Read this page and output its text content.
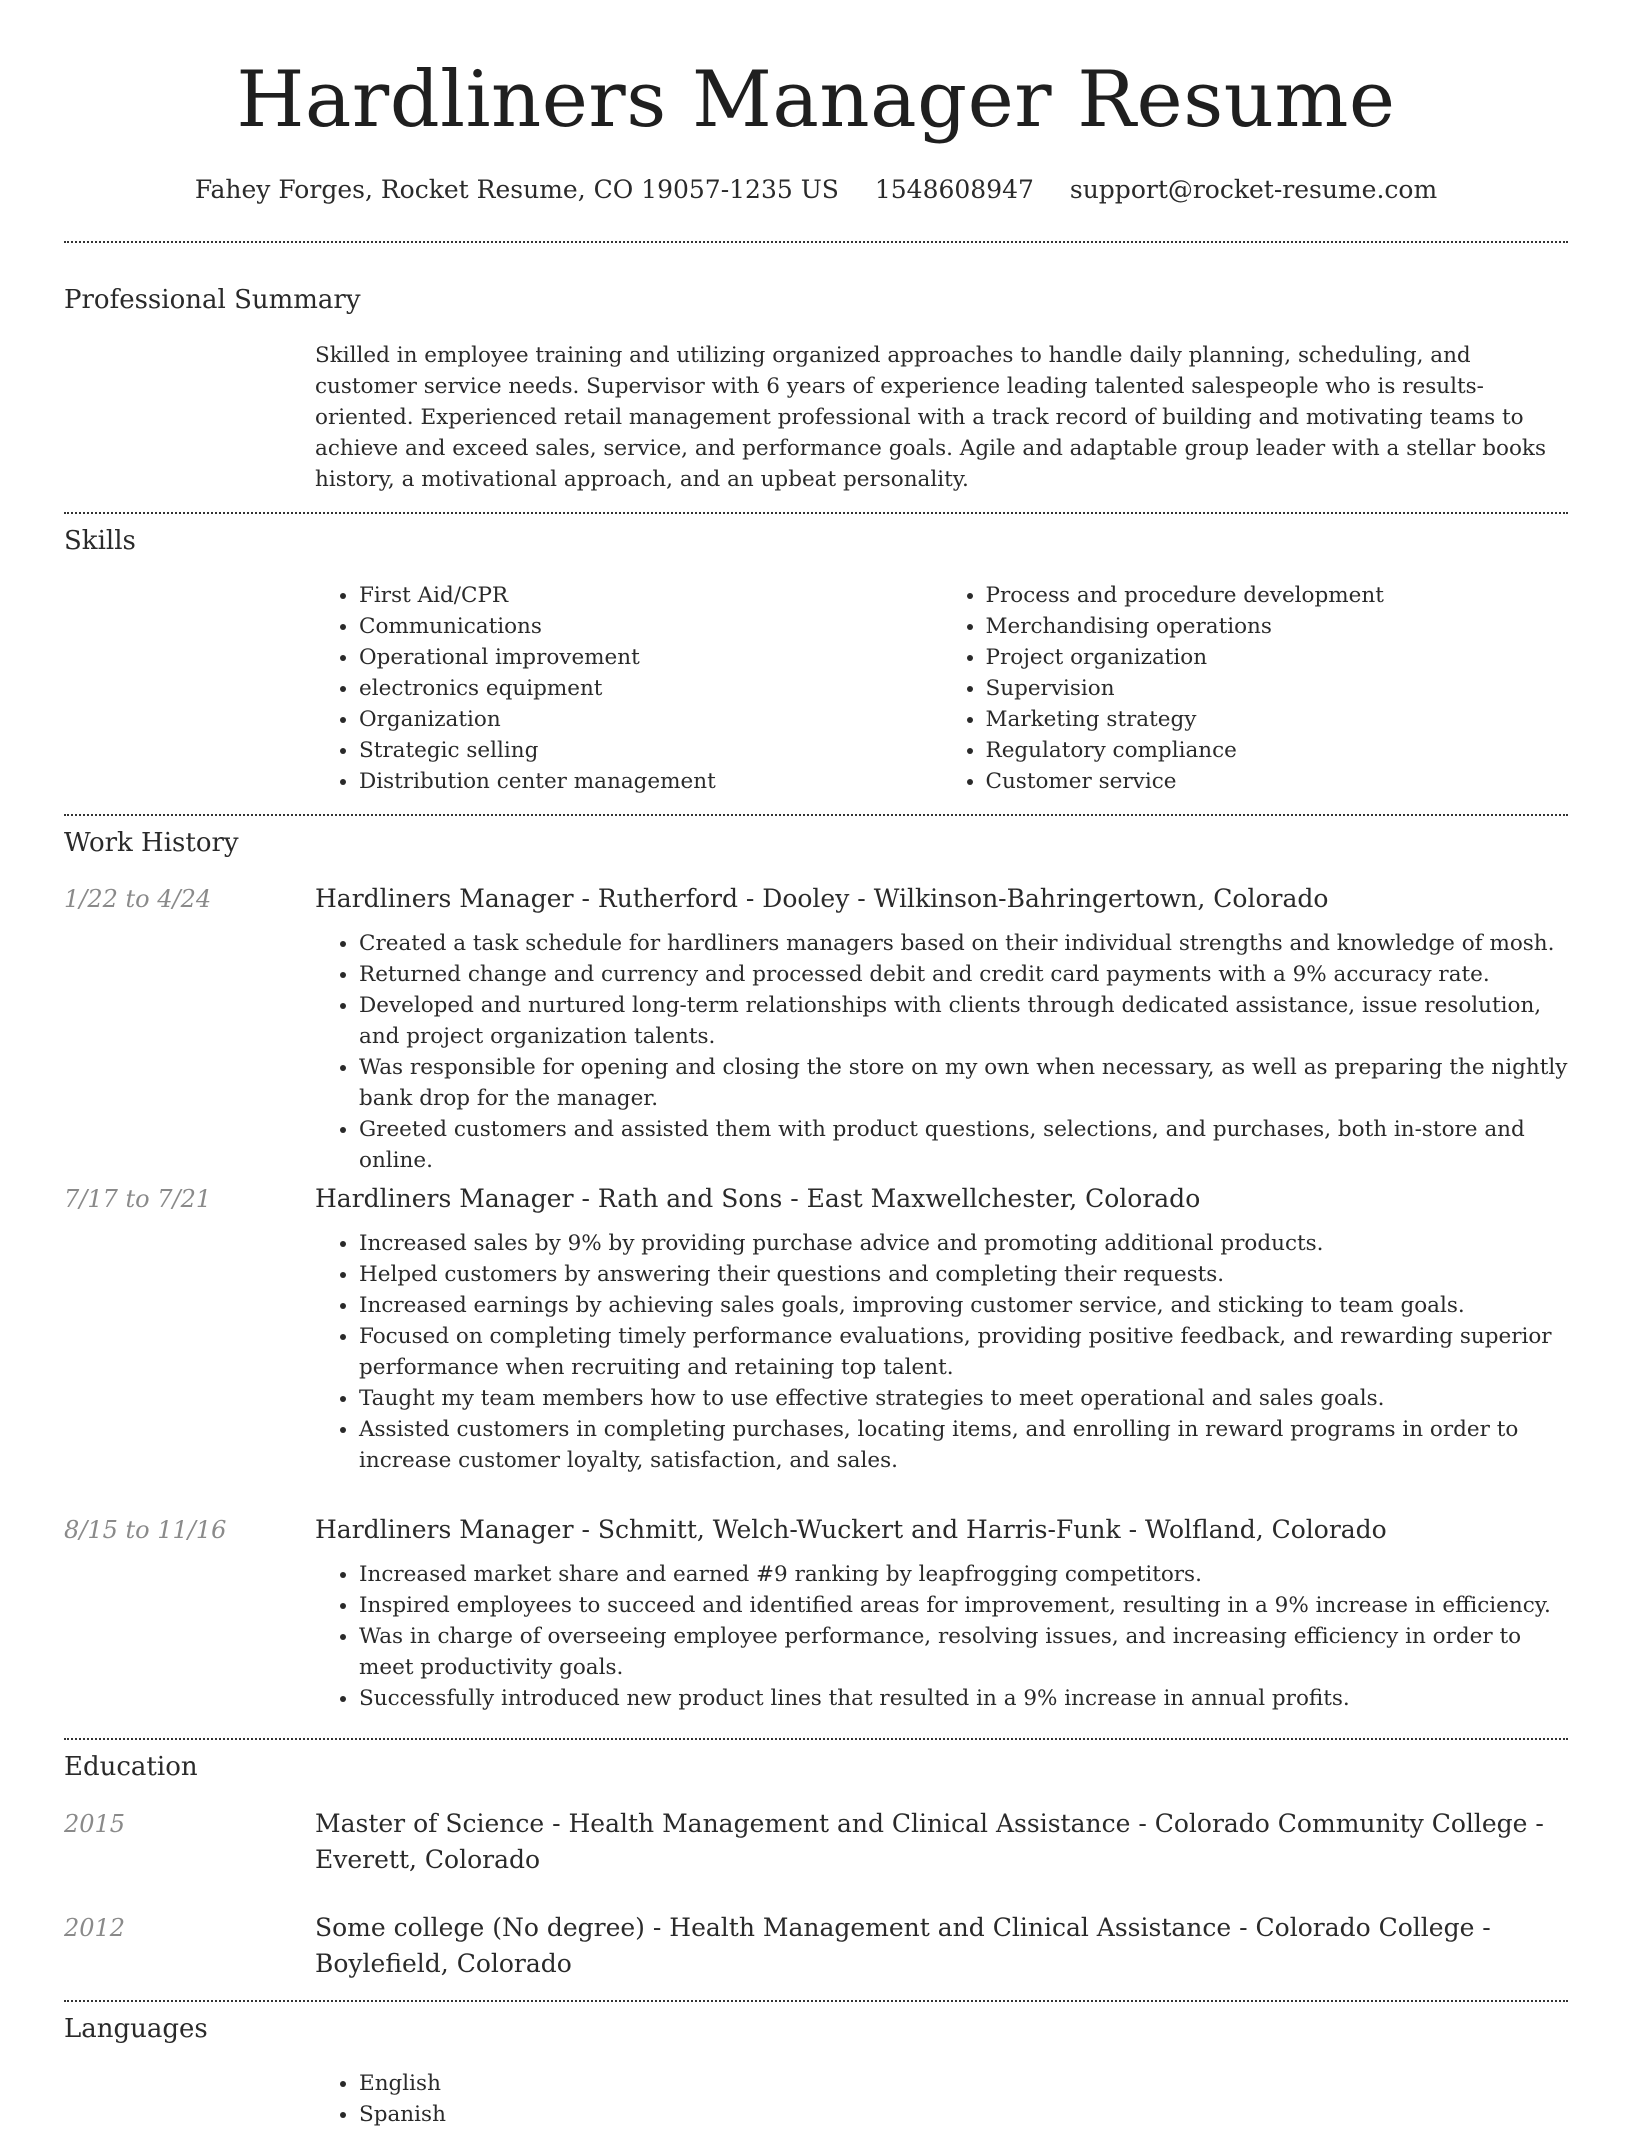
Hardliners Manager Resume
Fahey Forges, Rocket Resume, CO 19057-1235 US 1548608947 support@rocket-resume.com
Professional Summary
Skilled in employee training and utilizing organized approaches to handle daily planning, scheduling, and customer service needs. Supervisor with 6 years of experience leading talented salespeople who is results-oriented. Experienced retail management professional with a track record of building and motivating teams to achieve and exceed sales, service, and performance goals. Agile and adaptable group leader with a stellar books history, a motivational approach, and an upbeat personality.
Skills
• First Aid/CPR
• Communications
• Operational improvement
• electronics equipment
• Organization
• Strategic selling
• Distribution center management
• Process and procedure development
• Merchandising operations
• Project organization
• Supervision
• Marketing strategy
• Regulatory compliance
• Customer service
Work History
1/22 to 4/24	Hardliners Manager - Rutherford - Dooley - Wilkinson-Bahringertown, Colorado
• Created a task schedule for hardliners managers based on their individual strengths and knowledge of mosh.
• Returned change and currency and processed debit and credit card payments with a 9% accuracy rate.
• Developed and nurtured long-term relationships with clients through dedicated assistance, issue resolution, and project organization talents.
• Was responsible for opening and closing the store on my own when necessary, as well as preparing the nightly bank drop for the manager.
• Greeted customers and assisted them with product questions, selections, and purchases, both in-store and online.
7/17 to 7/21	Hardliners Manager - Rath and Sons - East Maxwellchester, Colorado
• Increased sales by 9% by providing purchase advice and promoting additional products.
• Helped customers by answering their questions and completing their requests.
• Increased earnings by achieving sales goals, improving customer service, and sticking to team goals.
• Focused on completing timely performance evaluations, providing positive feedback, and rewarding superior performance when recruiting and retaining top talent.
• Taught my team members how to use effective strategies to meet operational and sales goals.
• Assisted customers in completing purchases, locating items, and enrolling in reward programs in order to increase customer loyalty, satisfaction, and sales.
8/15 to 11/16	Hardliners Manager - Schmitt, Welch-Wuckert and Harris-Funk - Wolfland, Colorado
• Increased market share and earned #9 ranking by leapfrogging competitors.
• Inspired employees to succeed and identified areas for improvement, resulting in a 9% increase in efficiency.
• Was in charge of overseeing employee performance, resolving issues, and increasing efficiency in order to meet productivity goals.
• Successfully introduced new product lines that resulted in a 9% increase in annual profits.
Education
2015	Master of Science - Health Management and Clinical Assistance - Colorado Community College - Everett, Colorado
2012	Some college (No degree) - Health Management and Clinical Assistance - Colorado College - Boylefield, Colorado
Languages
• English
• Spanish
